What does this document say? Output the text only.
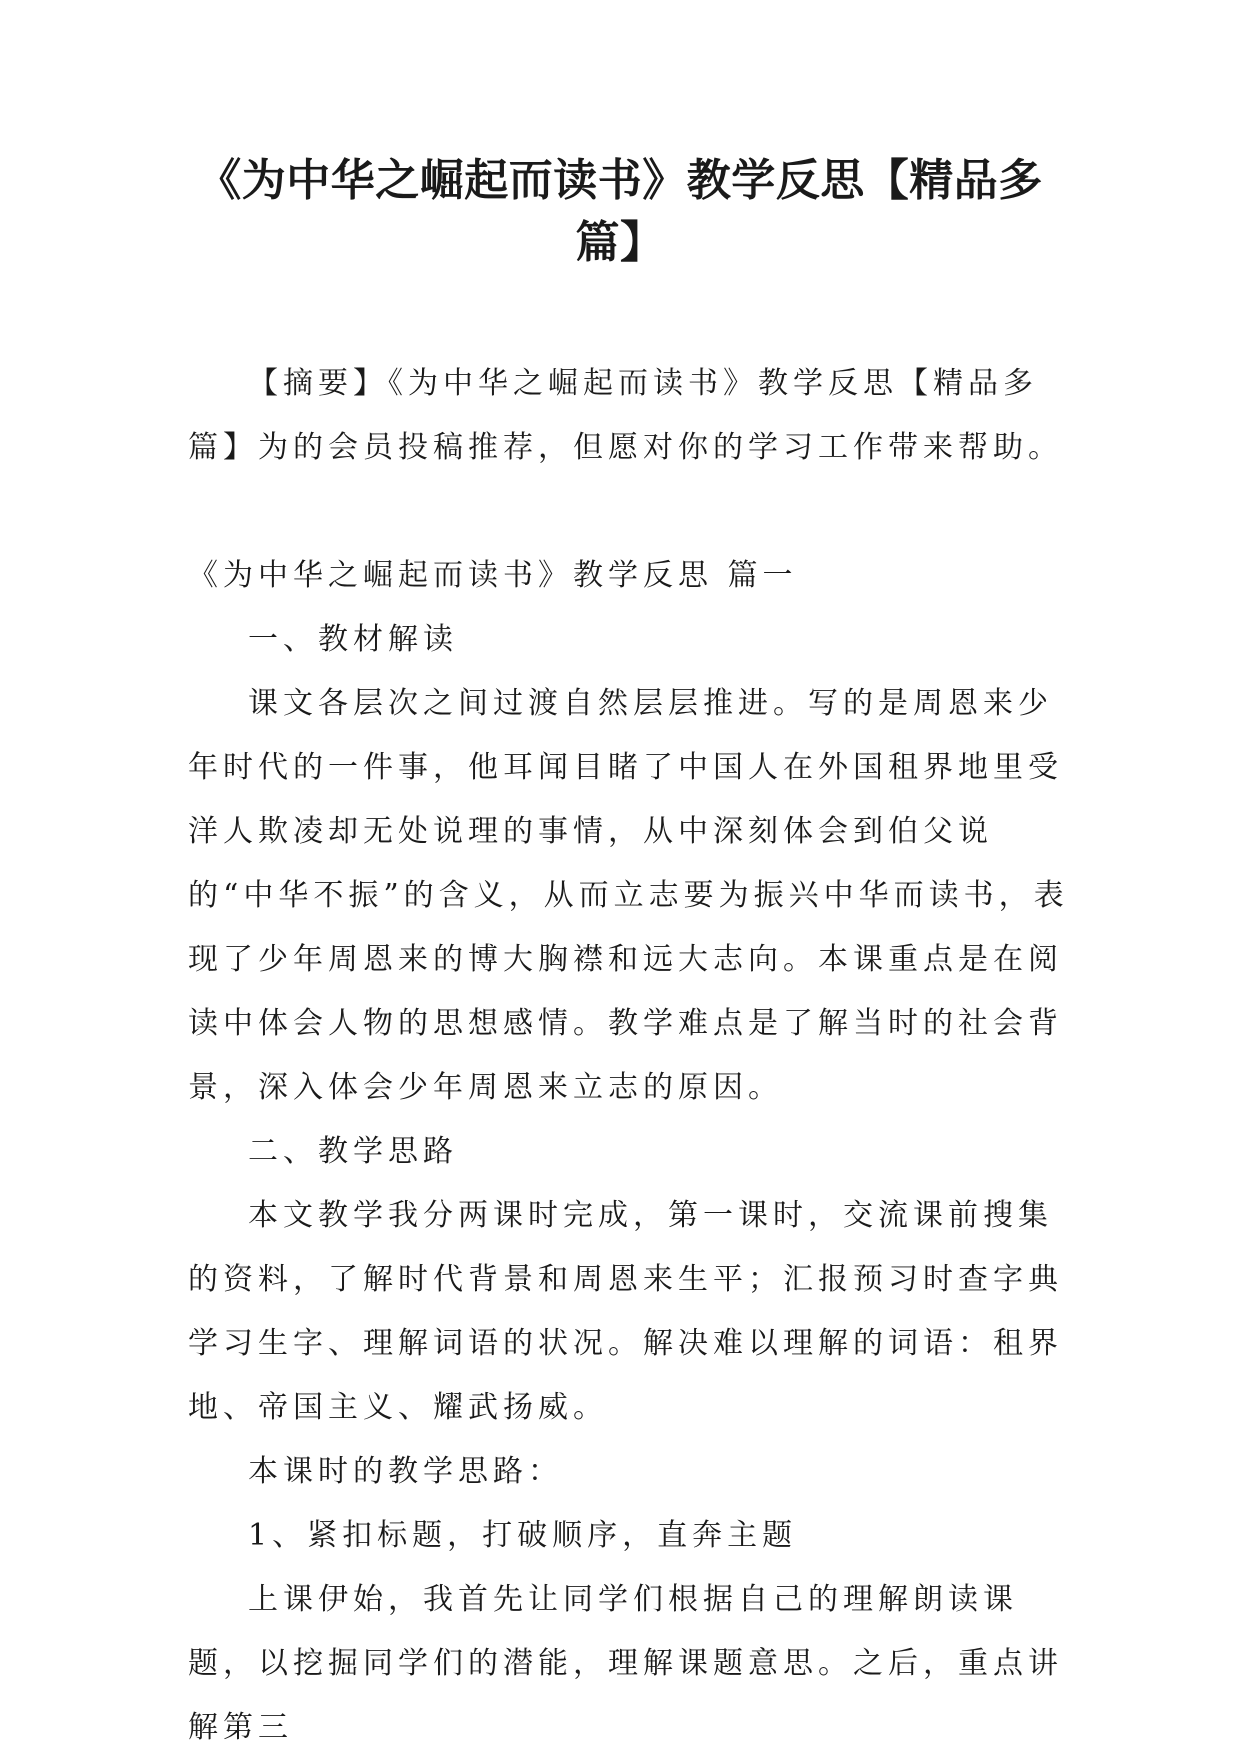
《为中华之崛起而读书》教学反思【精品多篇】

【摘要】《为中华之崛起而读书》教学反思【精品多篇】为的会员投稿推荐，但愿对你的学习工作带来帮助。

《为中华之崛起而读书》教学反思 篇一

一、教材解读

课文各层次之间过渡自然层层推进。写的是周恩来少年时代的一件事，他耳闻目睹了中国人在外国租界地里受洋人欺凌却无处说理的事情，从中深刻体会到伯父说的“中华不振”的含义，从而立志要为振兴中华而读书，表现了少年周恩来的博大胸襟和远大志向。本课重点是在阅读中体会人物的思想感情。教学难点是了解当时的社会背景，深入体会少年周恩来立志的原因。

二、教学思路

本文教学我分两课时完成，第一课时，交流课前搜集的资料，了解时代背景和周恩来生平；汇报预习时查字典学习生字、理解词语的状况。解决难以理解的词语：租界地、帝国主义、耀武扬威。

本课时的教学思路：

1、紧扣标题，打破顺序，直奔主题

上课伊始，我首先让同学们根据自己的理解朗读课题，以挖掘同学们的潜能，理解课题意思。之后，重点讲解第三
